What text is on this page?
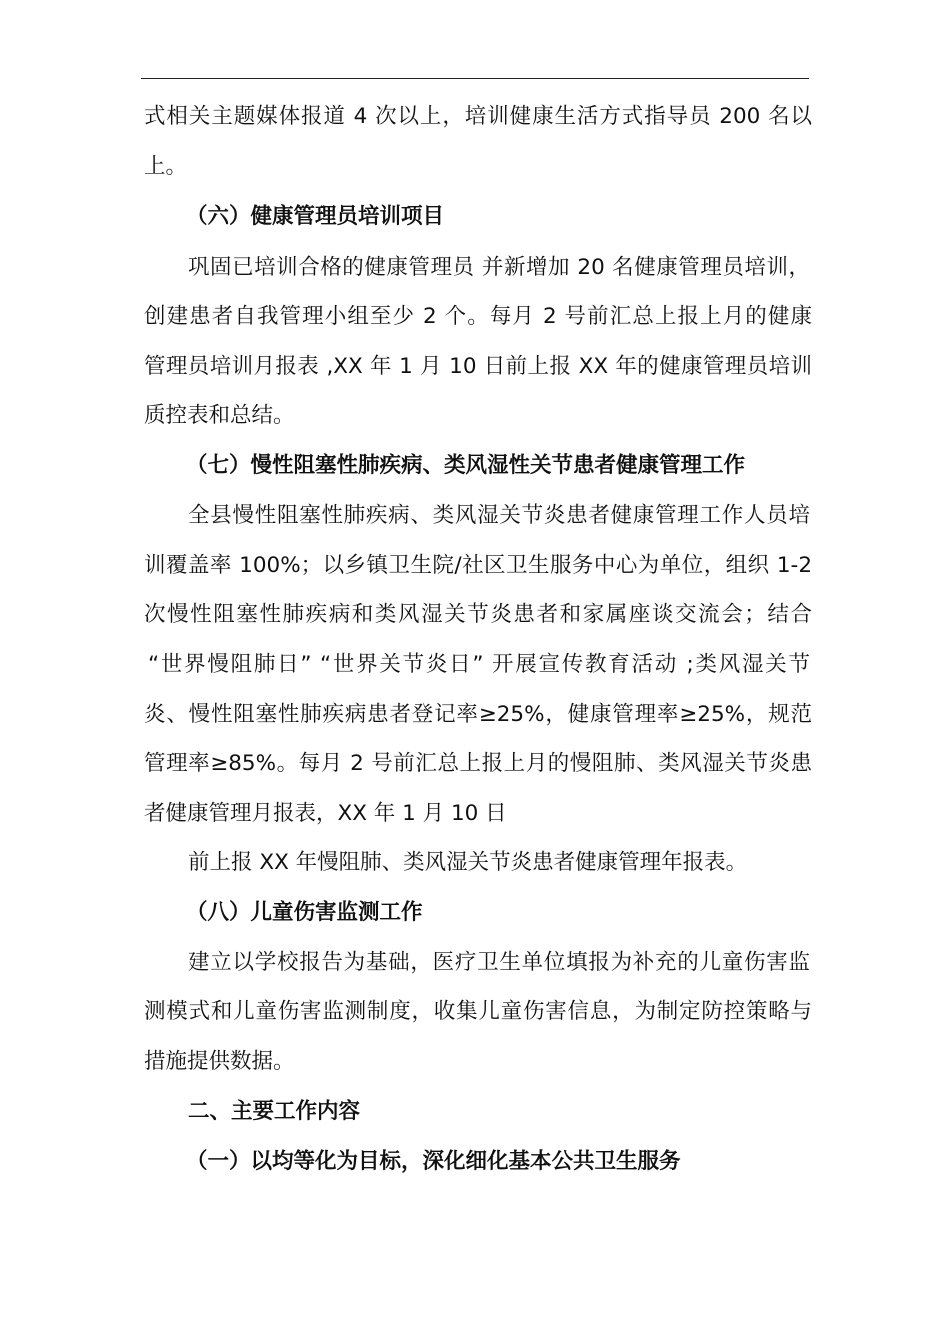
式相关主题媒体报道 4 次以上，培训健康生活方式指导员 200 名以
上。
（六）健康管理员培训项目
巩固已培训合格的健康管理员 并新增加 20 名健康管理员培训，
创建患者自我管理小组至少 2 个。每月 2 号前汇总上报上月的健康
管理员培训月报表 ,XX 年 1 月 10 日前上报 XX 年的健康管理员培训
质控表和总结。
（七）慢性阻塞性肺疾病、类风湿性关节患者健康管理工作
全县慢性阻塞性肺疾病、类风湿关节炎患者健康管理工作人员培
训覆盖率 100%；以乡镇卫生院/社区卫生服务中心为单位，组织 1-2
次慢性阻塞性肺疾病和类风湿关节炎患者和家属座谈交流会；结合
“世界慢阻肺日” “世界关节炎日” 开展宣传教育活动 ;类风湿关节
炎、慢性阻塞性肺疾病患者登记率≥25%，健康管理率≥25%，规范
管理率≥85%。每月 2 号前汇总上报上月的慢阻肺、类风湿关节炎患
者健康管理月报表，XX 年 1 月 10 日
前上报 XX 年慢阻肺、类风湿关节炎患者健康管理年报表。
（八）儿童伤害监测工作
建立以学校报告为基础，医疗卫生单位填报为补充的儿童伤害监
测模式和儿童伤害监测制度，收集儿童伤害信息，为制定防控策略与
措施提供数据。
二、主要工作内容
（一）以均等化为目标，深化细化基本公共卫生服务
